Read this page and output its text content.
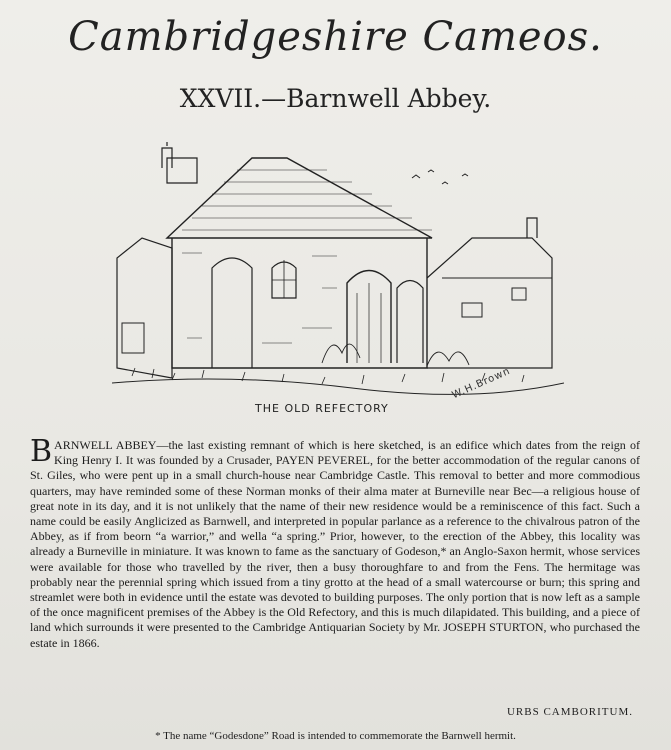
Cambridgeshire Cameos.
XXVII.—Barnwell Abbey.
W.H.Brown
THE OLD REFECTORY
B ARNWELL ABBEY—the last existing remnant of which is here sketched, is an edifice which dates from the reign of King Henry I. It was founded by a Crusader, PAYEN PEVEREL, for the better accommodation of the regular canons of St. Giles, who were pent up in a small church-house near Cambridge Castle. This removal to better and more commodious quarters, may have reminded some of these Norman monks of their alma mater at Burneville near Bec—a religious house of great note in its day, and it is not unlikely that the name of their new residence would be a reminiscence of this fact. Such a name could be easily Anglicized as Barnwell, and interpreted in popular parlance as a reference to the chivalrous patron of the Abbey, as if from beorn “a warrior,” and wella “a spring.” Prior, however, to the erection of the Abbey, this locality was already a Burneville in miniature. It was known to fame as the sanctuary of Godeson,* an Anglo-Saxon hermit, whose services were available for those who travelled by the river, then a busy thoroughfare to and from the Fens. The hermitage was probably near the perennial spring which issued from a tiny grotto at the head of a small watercourse or burn; this spring and streamlet were both in evidence until the estate was devoted to building purposes. The only portion that is now left as a sample of the once magnificent premises of the Abbey is the Old Refectory, and this is much dilapidated. This building, and a piece of land which surrounds it were presented to the Cambridge Antiquarian Society by Mr. JOSEPH STURTON, who purchased the estate in 1866.

URBS CAMBORITUM.
* The name “Godesdone” Road is intended to commemorate the Barnwell hermit.
